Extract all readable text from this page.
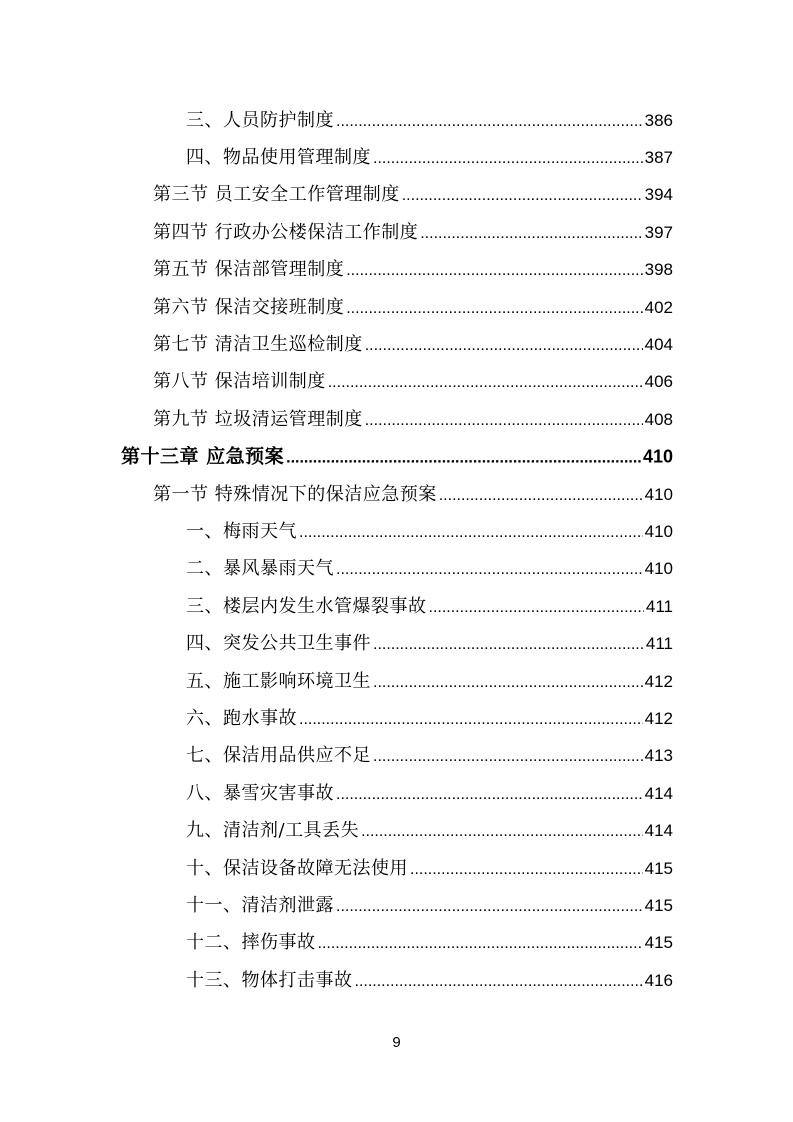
三、人员防护制度 .....	386
四、物品使用管理制度 .....	387
第三节 员工安全工作管理制度 .....	394
第四节 行政办公楼保洁工作制度 .....	397
第五节 保洁部管理制度 .....	398
第六节 保洁交接班制度 .....	402
第七节 清洁卫生巡检制度 .....	404
第八节 保洁培训制度 .....	406
第九节 垃圾清运管理制度 .....	408
第十三章 应急预案 .....	410
第一节 特殊情况下的保洁应急预案 .....	410
一、梅雨天气 .....	410
二、暴风暴雨天气 .....	410
三、楼层内发生水管爆裂事故 .....	411
四、突发公共卫生事件 .....	411
五、施工影响环境卫生 .....	412
六、跑水事故 .....	412
七、保洁用品供应不足 .....	413
八、暴雪灾害事故 .....	414
九、清洁剂/工具丢失 .....	414
十、保洁设备故障无法使用 .....	415
十一、清洁剂泄露 .....	415
十二、摔伤事故 .....	415
十三、物体打击事故 .....	416
9
